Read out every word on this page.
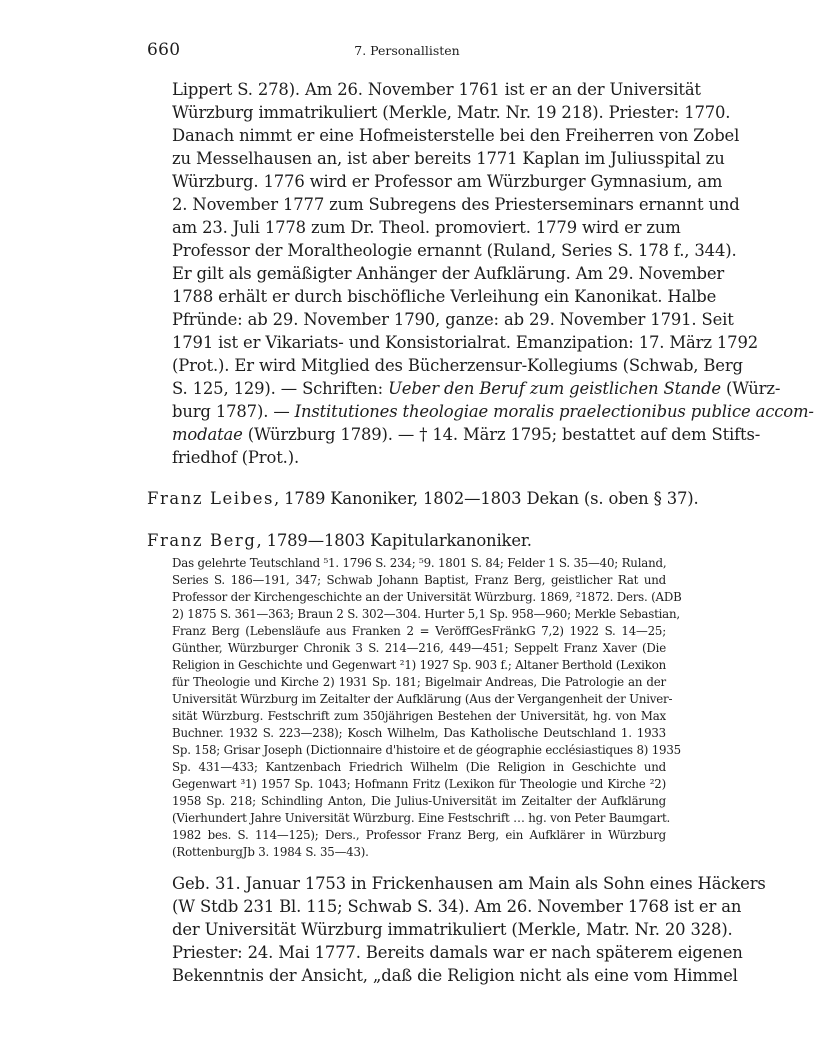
660	7. Personallisten
Lippert S. 278). Am 26. November 1761 ist er an der Universität
Würzburg immatrikuliert (Merkle, Matr. Nr. 19 218). Priester: 1770.
Danach nimmt er eine Hofmeisterstelle bei den Freiherren von Zobel
zu Messelhausen an, ist aber bereits 1771 Kaplan im Juliusspital zu
Würzburg. 1776 wird er Professor am Würzburger Gymnasium, am
2. November 1777 zum Subregens des Priesterseminars ernannt und
am 23. Juli 1778 zum Dr. Theol. promoviert. 1779 wird er zum
Professor der Moraltheologie ernannt (Ruland, Series S. 178 f., 344).
Er gilt als gemäßigter Anhänger der Aufklärung. Am 29. November
1788 erhält er durch bischöfliche Verleihung ein Kanonikat. Halbe
Pfründe: ab 29. November 1790, ganze: ab 29. November 1791. Seit
1791 ist er Vikariats- und Konsistorialrat. Emanzipation: 17. März 1792
(Prot.). Er wird Mitglied des Bücherzensur-Kollegiums (Schwab, Berg
S. 125, 129). — Schriften: Ueber den Beruf zum geistlichen Stande (Würz-
burg 1787). — Institutiones theologiae moralis praelectionibus publice accom-
modatae (Würzburg 1789). — † 14. März 1795; bestattet auf dem Stifts-
friedhof (Prot.).
Franz Leibes, 1789 Kanoniker, 1802—1803 Dekan (s. oben § 37).
Franz Berg, 1789—1803 Kapitularkanoniker.
Das gelehrte Teutschland ⁵1. 1796 S. 234; ⁵9. 1801 S. 84; Felder 1 S. 35—40; Ruland,
Series S. 186—191, 347; Schwab Johann Baptist, Franz Berg, geistlicher Rat und
Professor der Kirchengeschichte an der Universität Würzburg. 1869, ²1872. Ders. (ADB
2) 1875 S. 361—363; Braun 2 S. 302—304. Hurter 5,1 Sp. 958—960; Merkle Sebastian,
Franz Berg (Lebensläufe aus Franken 2 = VeröffGesFränkG 7,2) 1922 S. 14—25;
Günther, Würzburger Chronik 3 S. 214—216, 449—451; Seppelt Franz Xaver (Die
Religion in Geschichte und Gegenwart ²1) 1927 Sp. 903 f.; Altaner Berthold (Lexikon
für Theologie und Kirche 2) 1931 Sp. 181; Bigelmair Andreas, Die Patrologie an der
Universität Würzburg im Zeitalter der Aufklärung (Aus der Vergangenheit der Univer-
sität Würzburg. Festschrift zum 350jährigen Bestehen der Universität, hg. von Max
Buchner. 1932 S. 223—238); Kosch Wilhelm, Das Katholische Deutschland 1. 1933
Sp. 158; Grisar Joseph (Dictionnaire d'histoire et de géographie ecclésiastiques 8) 1935
Sp. 431—433; Kantzenbach Friedrich Wilhelm (Die Religion in Geschichte und
Gegenwart ³1) 1957 Sp. 1043; Hofmann Fritz (Lexikon für Theologie und Kirche ²2)
1958 Sp. 218; Schindling Anton, Die Julius-Universität im Zeitalter der Aufklärung
(Vierhundert Jahre Universität Würzburg. Eine Festschrift … hg. von Peter Baumgart.
1982 bes. S. 114—125); Ders., Professor Franz Berg, ein Aufklärer in Würzburg
(RottenburgJb 3. 1984 S. 35—43).
Geb. 31. Januar 1753 in Frickenhausen am Main als Sohn eines Häckers
(W Stdb 231 Bl. 115; Schwab S. 34). Am 26. November 1768 ist er an
der Universität Würzburg immatrikuliert (Merkle, Matr. Nr. 20 328).
Priester: 24. Mai 1777. Bereits damals war er nach späterem eigenen
Bekenntnis der Ansicht, „daß die Religion nicht als eine vom Himmel
